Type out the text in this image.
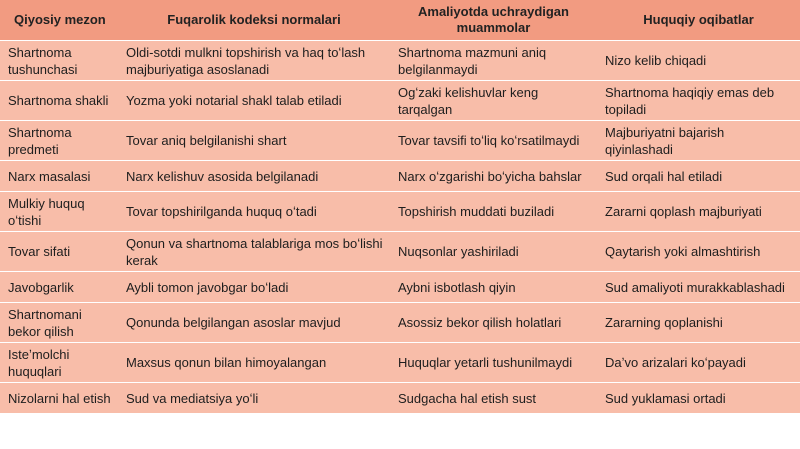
Qiyosiy mezon	Fuqarolik kodeksi normalari	Amaliyotda uchraydigan muammolar	Huquqiy oqibatlar
Shartnoma tushunchasi	Oldi-sotdi mulkni topshirish va haq toʻlash majburiyatiga asoslanadi	Shartnoma mazmuni aniq belgilanmaydi	Nizo kelib chiqadi
Shartnoma shakli	Yozma yoki notarial shakl talab etiladi	Ogʻzaki kelishuvlar keng tarqalgan	Shartnoma haqiqiy emas deb topiladi
Shartnoma predmeti	Tovar aniq belgilanishi shart	Tovar tavsifi toʻliq koʻrsatilmaydi	Majburiyatni bajarish qiyinlashadi
Narx masalasi	Narx kelishuv asosida belgilanadi	Narx oʻzgarishi boʻyicha bahslar	Sud orqali hal etiladi
Mulkiy huquq oʻtishi	Tovar topshirilganda huquq oʻtadi	Topshirish muddati buziladi	Zararni qoplash majburiyati
Tovar sifati	Qonun va shartnoma talablariga mos boʻlishi kerak	Nuqsonlar yashiriladi	Qaytarish yoki almashtirish
Javobgarlik	Aybli tomon javobgar boʻladi	Aybni isbotlash qiyin	Sud amaliyoti murakkablashadi
Shartnomani bekor qilish	Qonunda belgilangan asoslar mavjud	Asossiz bekor qilish holatlari	Zararning qoplanishi
Isteʼmolchi huquqlari	Maxsus qonun bilan himoyalangan	Huquqlar yetarli tushunilmaydi	Daʼvo arizalari koʻpayadi
Nizolarni hal etish	Sud va mediatsiya yoʻli	Sudgacha hal etish sust	Sud yuklamasi ortadi
